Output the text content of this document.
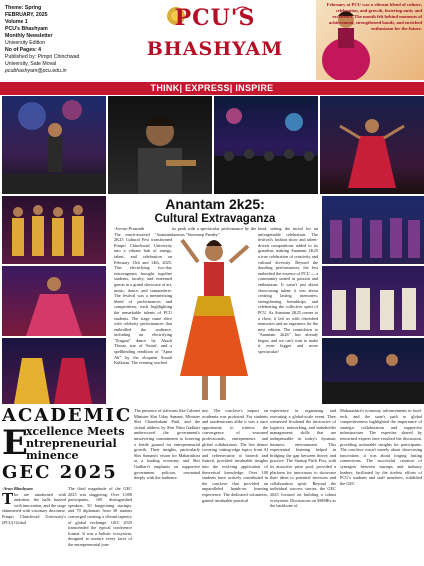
Theme: Spring
FEBRUARY, 2025
Volume 1
PCU's Bhashyam
Monthly Newsletter
University Edition
No of Pages: 4
Published by: Pimpri Chinchwad
University, Sate Moval
pcubhashyam@pcu.edu.in
PCU'S
BHASHYAM
February at PCU was a vibrant blend of culture, celebration, and growth, fostering unity and excellence. The month felt behind moments of achievement, strengthened bonds, and enriched enthusiasm for the future.
THINK| EXPRESS| INSPIRE
Anantam 2k25:
Cultural Extravaganza
-Jeevan Prasanth

The much-awaited "Anantam 2K25 Cultural Fest transformed Pimpri Chinchwad University into a vibrant hub of energy, talent, and celebration on February 13th and 14th, 2025. This electrifying two-day extravaganza brought together students, faculty, and esteemed guests in a grand showcase of art, music, dance, and camaraderie. The festival was a mesmerizing blend of performances and competitions, each highlighting the remarkable talents of PCU students. The stage came alive with celebrity performances that enthralled the audience, including an electrifying "Zingaat" dance by Akash Thosar, star of 'Sairat', and a spellbinding rendition of "Apna Ali" by the eloquent Sonali Kulkarni. The evening reached

its peak with a spectacular performance by the famous "Storemop Pandey"

head, setting the mood for an unforgettable celebration. The festival's fashion show and talent-driven competitions added to its grandeur, making Anantam 2K25 a true celebration of creativity and cultural diversity. Beyond the dazzling performances, the fest embodied the essence of PCU — a community united in passion and enthusiasm. It wasn't just about showcasing talent; it was about creating lasting memories, strengthening friendships, and celebrating the collective spirit of PCU. As Anantam 2K25 comes to a close, it left us with cherished memories and an eagerness for the next edition. The countdown to "Anantam 2k26" has already begun, and we can't wait to make it even bigger and more spectacular!

ACADEMIC
E
xcellence Meets
ntrepreneurial
minence
GEC 2025
-Arun Bhashyam
T he are unadorned with ambition, the halls buzzed with innovation, and the stage shimmered with visionary discourse. Pimpri Chinchwad University's (PCU) Global

The third magnitude of the GEC 2025 was staggering. Over 1,000 participants, 100 distinguished speakers, 50 burgeoning startups, and 70 diplomats from 38 nations converged creating a vibrant tapestry of global exchange. GEC 2025 transcended the typical conference format. It was a holistic ecosystem, designed to nurture every facet of the entrepreneurial jour-

The presence of stalwarts like Cabinet Minister Shri Uday Samant, Minister Shri Chandrakant Patil, and the virtual address by Shri Nitin Gadkari underscored the government's unwavering commitment to fostering a fertile ground for entrepreneurial growth. Their insights, particularly Shri Samant's vision for Maharashtra as a leading economy and Shri Gadkari's emphasis on supportive government policies, resonated deeply with the audience.

ney. The conclave's impact on academia was profound. For students and academicians alike it was a once opportunity to witness the convergence of seasoned professionals, entrepreneurs and global collaborators. The live demos covering cutting-edge topics from AI and cybersecurity to biotech and fintech, provided invaluable insights into the evolving application of theoretical knowledge. Over 100 students have actively contributed in the conclave that provided an unparalleled hands-on learning experience. The dedicated volunteers, gained invaluable practical

experience in organizing and executing a global-scale event. They witnessed firsthand the intricacies of logistics, networking, and stakeholder management; skills that are indispensable in today's dynamic business environment. This experiential learning helped in bridging the gap between theory and practice. The Startup Pitch Fest, with its attractive prize pool, provided a platform for innovators to showcase their ideas to potential investors and collaboration spirit. Beyond the individual success stories, the GEC 2025 focused on building a robust ecosystem. Discussions on MSMEs as the backbone of

Maharashtra's economy, advancements in food-tech, and the state's path to global competitiveness highlighted the importance of strategic collaboration and supportive infrastructure. The expertise shared by renowned experts here resulted the discussion, providing actionable insights for participants. The conclave wasn't merely about showcasing innovation; it was about forging lasting connections. The successful creation of synergies between startups and industry leaders, facilitated by the tireless efforts of PCU's students and staff members, solidified the GEC
